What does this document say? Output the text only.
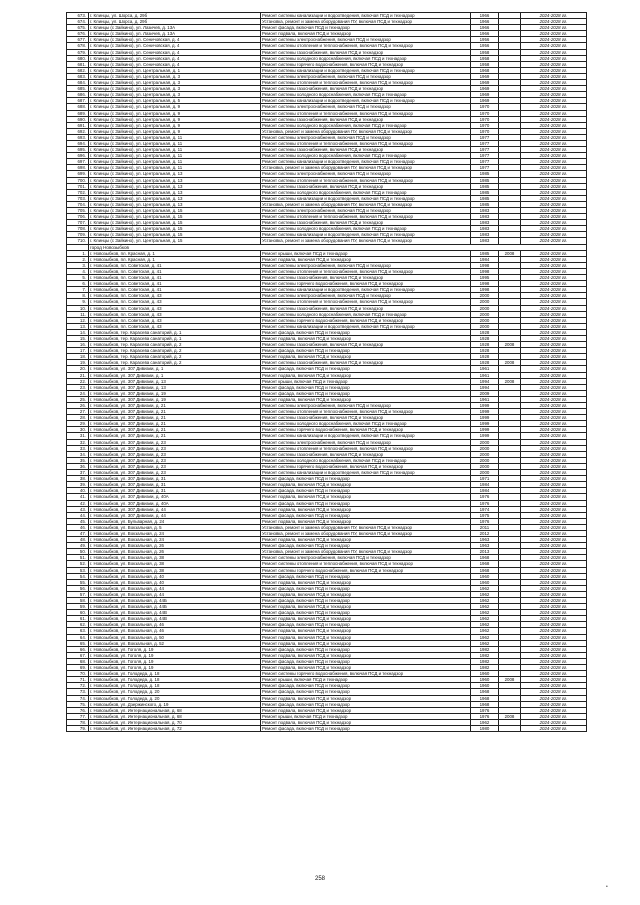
673.	г. Клинцы, ул. Шорса, д. 29б	Ремонт системы канализации и водоотведения, включая ПСД и технадзор	1966		2024-2028 гг.
674.	г. Клинцы, ул. Шорса, д. 29б	Установка, ремонт и замена оборудования ПУ, включая ПСД и технадзор	1966		2024-2028 гг.
675.	г. Клинцы (с Зайкино), ул. Лазичев, д. 13А	Ремонт фасада, включая ПСД и технадзор	1966		2024-2028 гг.
676.	г. Клинцы (с Зайкино), ул. Лазичев, д. 13А	Ремонт подвала, включая ПСД и технадзор	1966		2024-2028 гг.
677.	г. Клинцы (с Зайкино), ул. Сеничовская, д. 4	Ремонт системы электроснабжения, включая ПСД и технадзор	1956		2024-2028 гг.
678.	г. Клинцы (с Зайкино), ул. Сеничовская, д. 4	Ремонт системы отопления и теплоснабжения, включая ПСД и технадзор	1956		2024-2028 гг.
679.	г. Клинцы (с Зайкино), ул. Сеничовская, д. 4	Ремонт системы газоснабжения, включая ПСД и технадзор	1958		2024-2028 гг.
680.	г. Клинцы (с Зайкино), ул. Сеничовская, д. 4	Ремонт системы холодного водоснабжения, включая ПСД и технадзор	1958		2024-2028 гг.
681.	г. Клинцы (с Зайкино), ул. Сеничовская, д. 4	Ремонт системы горячего водоснабжения, включая ПСД и технадзор	1958		2024-2028 гг.
682.	г. Клинцы (с Зайкино), ул. Центральная, д. 1	Ремонт системы канализации и водоотведения, включая ПСД и технадзор	1968		2024-2028 гг.
683.	г. Клинцы (с Зайкино), ул. Центральная, д. 3	Ремонт системы электроснабжения, включая ПСД и технадзор	1969		2024-2028 гг.
684.	г. Клинцы (с Зайкино), ул. Центральная, д. 3	Ремонт системы отопления и теплоснабжения, включая ПСД и технадзор	1969		2024-2028 гг.
685.	г. Клинцы (с Зайкино), ул. Центральная, д. 3	Ремонт системы газоснабжения, включая ПСД и технадзор	1969		2024-2028 гг.
686.	г. Клинцы (с Зайкино), ул. Центральная, д. 3	Ремонт системы холодного водоснабжения, включая ПСД и технадзор	1969		2024-2028 гг.
687.	г. Клинцы (с Зайкино), ул. Центральная, д. 5	Ремонт системы канализации и водоотведения, включая ПСД и технадзор	1969		2024-2028 гг.
688.	г. Клинцы (с Зайкино), ул. Центральная, д. 9	Ремонт системы электроснабжения, включая ПСД и технадзор	1970		2024-2028 гг.
689.	г. Клинцы (с Зайкино), ул. Центральная, д. 9	Ремонт системы отопления и теплоснабжения, включая ПСД и технадзор	1970		2024-2028 гг.
690.	г. Клинцы (с Зайкино), ул. Центральная, д. 9	Ремонт системы газоснабжения, включая ПСД и технадзор	1970		2024-2028 гг.
691.	г. Клинцы (с Зайкино), ул. Центральная, д. 9	Ремонт системы холодного водоснабжения, включая ПСД и технадзор	1970		2024-2028 гг.
692.	г. Клинцы (с Зайкино), ул. Центральная, д. 9	Установка, ремонт и замена оборудования ПУ, включая ПСД и технадзор	1970		2024-2028 гг.
693.	г. Клинцы (с Зайкино), ул. Центральная, д. 11	Ремонт системы электроснабжения, включая ПСД и технадзор	1977		2024-2028 гг.
694.	г. Клинцы (с Зайкино), ул. Центральная, д. 11	Ремонт системы отопления и теплоснабжения, включая ПСД и технадзор	1977		2024-2028 гг.
695.	г. Клинцы (с Зайкино), ул. Центральная, д. 11	Ремонт системы газоснабжения, включая ПСД и технадзор	1977		2024-2028 гг.
696.	г. Клинцы (с Зайкино), ул. Центральная, д. 11	Ремонт системы холодного водоснабжения, включая ПСД и технадзор	1977		2024-2028 гг.
697.	г. Клинцы (с Зайкино), ул. Центральная, д. 11	Ремонт системы канализации и водоотведения, включая ПСД и технадзор	1977		2024-2028 гг.
698.	г. Клинцы (с Зайкино), ул. Центральная, д. 11	Установка, ремонт и замена оборудования ПУ, включая ПСД и технадзор	1977		2024-2028 гг.
699.	г. Клинцы (с Зайкино), ул. Центральная, д. 13	Ремонт системы электроснабжения, включая ПСД и технадзор	1985		2024-2028 гг.
700.	г. Клинцы (с Зайкино), ул. Центральная, д. 13	Ремонт системы отопления и теплоснабжения, включая ПСД и технадзор	1985		2024-2028 гг.
701.	г. Клинцы (с Зайкино), ул. Центральная, д. 13	Ремонт системы газоснабжения, включая ПСД и технадзор	1985		2024-2028 гг.
702.	г. Клинцы (с Зайкино), ул. Центральная, д. 13	Ремонт системы холодного водоснабжения, включая ПСД и технадзор	1985		2024-2028 гг.
703.	г. Клинцы (с Зайкино), ул. Центральная, д. 13	Ремонт системы канализации и водоотведения, включая ПСД и технадзор	1985		2024-2028 гг.
704.	г. Клинцы (с Зайкино), ул. Центральная, д. 13	Установка, ремонт и замена оборудования ПУ, включая ПСД и технадзор	1985		2024-2028 гг.
705.	г. Клинцы (с Зайкино), ул. Центральная, д. 15	Ремонт системы электроснабжения, включая ПСД и технадзор	1983		2024-2028 гг.
706.	г. Клинцы (с Зайкино), ул. Центральная, д. 15	Ремонт системы отопления и теплоснабжения, включая ПСД и технадзор	1983		2024-2028 гг.
707.	г. Клинцы (с Зайкино), ул. Центральная, д. 15	Ремонт системы газоснабжения, включая ПСД и технадзор	1983		2024-2028 гг.
708.	г. Клинцы (с Зайкино), ул. Центральная, д. 15	Ремонт системы холодного водоснабжения, включая ПСД и технадзор	1983		2024-2028 гг.
709.	г. Клинцы (с Зайкино), ул. Центральная, д. 15	Ремонт системы канализации и водоотведения, включая ПСД и технадзор	1983		2024-2028 гг.
710.	г. Клинцы (с Зайкино), ул. Центральная, д. 15	Установка, ремонт и замена оборудования ПУ, включая ПСД и технадзор	1983		2024-2028 гг.
	город Новозыбков				
1.	г. Новозыбков, пл. Красная, д. 1	Ремонт крыши, включая ПСД и технадзор	1985	2008	2024-2028 гг.
2.	г. Новозыбков, пл. Красная, д. 1	Ремонт подвала, включая ПСД и технадзор	1984		2024-2028 гг.
3.	г. Новозыбков, пл. Советская, д. 41	Ремонт системы электроснабжения, включая ПСД и технадзор	1998		2024-2028 гг.
4.	г. Новозыбков, пл. Советская, д. 41	Ремонт системы отопления и теплоснабжения, включая ПСД и технадзор	1998		2024-2028 гг.
5.	г. Новозыбков, пл. Советская, д. 41	Ремонт системы газоснабжения, включая ПСД и технадзор	1995		2024-2028 гг.
6.	г. Новозыбков, пл. Советская, д. 41	Ремонт системы горячего водоснабжения, включая ПСД и технадзор	1998		2024-2028 гг.
7.	г. Новозыбков, пл. Советская, д. 41	Ремонт системы канализации и водоотведения, включая ПСД и технадзор	1998		2024-2028 гг.
8.	г. Новозыбков, пл. Советская, д. 43	Ремонт системы электроснабжения, включая ПСД и технадзор	2000		2024-2028 гг.
9.	г. Новозыбков, пл. Советская, д. 43	Ремонт системы отопления и теплоснабжения, включая ПСД и технадзор	2000		2024-2028 гг.
10.	г. Новозыбков, пл. Советская, д. 43	Ремонт системы газоснабжения, включая ПСД и технадзор	2000		2024-2028 гг.
11.	г. Новозыбков, пл. Советская, д. 43	Ремонт системы холодного водоснабжения, включая ПСД и технадзор	2000		2024-2028 гг.
12.	г. Новозыбков, пл. Советская, д. 43	Ремонт системы горячего водоснабжения, включая ПСД и технадзор	2000		2024-2028 гг.
13.	г. Новозыбков, пл. Советская, д. 43	Ремонт системы канализации и водоотведения, включая ПСД и технадзор	2000		2024-2028 гг.
14.	г. Новозыбков, тер. Карасева санаторий, д. 1	Ремонт фасада, включая ПСД и технадзор	1928		2024-2028 гг.
15.	г. Новозыбков, тер. Карасева санаторий, д. 1	Ремонт подвала, включая ПСД и технадзор	1928		2024-2028 гг.
16.	г. Новозыбков, тер. Карасева санаторий, д. 2	Ремонт системы газоснабжения, включая ПСД и технадзор	1928	2008	2024-2028 гг.
17.	г. Новозыбков, тер. Карасева санаторий, д. 2	Ремонт фасада, включая ПСД и технадзор	1928		2024-2028 гг.
18.	г. Новозыбков, тер. Карасева санаторий, д. 2	Ремонт подвала, включая ПСД и технадзор	1928		2024-2028 гг.
19.	г. Новозыбков, тер. Карасева санаторий, д. 2	Ремонт системы газоснабжения, включая ПСД и технадзор	1928	2008	2024-2028 гг.
20.	г. Новозыбков, ул. 307 Дивизии, д. 1	Ремонт фасада, включая ПСД и технадзор	1961		2024-2028 гг.
21.	г. Новозыбков, ул. 307 Дивизии, д. 1	Ремонт подвала, включая ПСД и технадзор	1961		2024-2028 гг.
22.	г. Новозыбков, ул. 307 Дивизии, д. 13	Ремонт крыши, включая ПСД и технадзор	1994	2008	2024-2028 гг.
23.	г. Новозыбков, ул. 307 Дивизии, д. 13	Ремонт фасада, включая ПСД и технадзор	1994		2024-2028 гг.
24.	г. Новозыбков, ул. 307 Дивизии, д. 19	Ремонт фасада, включая ПСД и технадзор	2009		2024-2028 гг.
25.	г. Новозыбков, ул. 307 Дивизии, д. 19	Ремонт подвала, включая ПСД и технадзор	1961		2024-2028 гг.
26.	г. Новозыбков, ул. 307 Дивизии, д. 21	Ремонт системы электроснабжения, включая ПСД и технадзор	1999		2024-2028 гг.
27.	г. Новозыбков, ул. 307 Дивизии, д. 21	Ремонт системы отопления и теплоснабжения, включая ПСД и технадзор	1999		2024-2028 гг.
28.	г. Новозыбков, ул. 307 Дивизии, д. 21	Ремонт системы газоснабжения, включая ПСД и технадзор	1999		2024-2028 гг.
29.	г. Новозыбков, ул. 307 Дивизии, д. 21	Ремонт системы холодного водоснабжения, включая ПСД и технадзор	1999		2024-2028 гг.
30.	г. Новозыбков, ул. 307 Дивизии, д. 21	Ремонт системы горячего водоснабжения, включая ПСД и технадзор	1999		2024-2028 гг.
31.	г. Новозыбков, ул. 307 Дивизии, д. 21	Ремонт системы канализации и водоотведения, включая ПСД и технадзор	1999		2024-2028 гг.
32.	г. Новозыбков, ул. 307 Дивизии, д. 23	Ремонт системы электроснабжения, включая ПСД и технадзор	2000		2024-2028 гг.
33.	г. Новозыбков, ул. 307 Дивизии, д. 23	Ремонт системы отопления и теплоснабжения, включая ПСД и технадзор	2000		2024-2028 гг.
34.	г. Новозыбков, ул. 307 Дивизии, д. 23	Ремонт системы газоснабжения, включая ПСД и технадзор	2000		2024-2028 гг.
35.	г. Новозыбков, ул. 307 Дивизии, д. 23	Ремонт системы холодного водоснабжения, включая ПСД и технадзор	2000		2024-2028 гг.
36.	г. Новозыбков, ул. 307 Дивизии, д. 23	Ремонт системы горячего водоснабжения, включая ПСД и технадзор	2000		2024-2028 гг.
37.	г. Новозыбков, ул. 307 Дивизии, д. 23	Ремонт системы канализации и водоотведения, включая ПСД и технадзор	2000		2024-2028 гг.
38.	г. Новозыбков, ул. 307 Дивизии, д. 31	Ремонт фасада, включая ПСД и технадзор	1971		2024-2028 гг.
39.	г. Новозыбков, ул. 307 Дивизии, д. 31	Ремонт подвала, включая ПСД и технадзор	1984		2024-2028 гг.
40.	г. Новозыбков, ул. 307 Дивизии, д. 31	Ремонт фасада, включая ПСД и технадзор	1984		2024-2028 гг.
41.	г. Новозыбков, ул. 307 Дивизии, д. 40А	Ремонт подвала, включая ПСД и технадзор	1976		2024-2028 гг.
42.	г. Новозыбков, ул. 307 Дивизии, д. 40А	Ремонт фасада, включая ПСД и технадзор	1976		2024-2028 гг.
43.	г. Новозыбков, ул. 307 Дивизии, д. 44	Ремонт подвала, включая ПСД и технадзор	1974		2024-2028 гг.
44.	г. Новозыбков, ул. 307 Дивизии, д. 44	Ремонт фасада, включая ПСД и технадзор	1975		2024-2028 гг.
45.	г. Новозыбков, ул. Бульварная, д. 24	Ремонт подвала, включая ПСД и технадзор	1976		2024-2028 гг.
46.	г. Новозыбков, ул. Вокзальная, д. 5	Установка, ремонт и замена оборудования ПУ, включая ПСД и технадзор	2011		2024-2028 гг.
47.	г. Новозыбков, ул. Вокзальная, д. 24	Установка, ремонт и замена оборудования ПУ, включая ПСД и технадзор	2012		2024-2028 гг.
48.	г. Новозыбков, ул. Вокзальная, д. 24	Ремонт подвала, включая ПСД и технадзор	1963		2024-2028 гг.
49.	г. Новозыбков, ул. Вокзальная, д. 26	Ремонт фасада, включая ПСД и технадзор	1963		2024-2028 гг.
50.	г. Новозыбков, ул. Вокзальная, д. 26	Установка, ремонт и замена оборудования ПУ, включая ПСД и технадзор	2013		2024-2028 гг.
51.	г. Новозыбков, ул. Вокзальная, д. 38	Ремонт системы электроснабжения, включая ПСД и технадзор	1968		2024-2028 гг.
52.	г. Новозыбков, ул. Вокзальная, д. 38	Ремонт системы отопления и теплоснабжения, включая ПСД и технадзор	1968		2024-2028 гг.
53.	г. Новозыбков, ул. Вокзальная, д. 38	Ремонт системы горячего водоснабжения, включая ПСД и технадзор	1968		2024-2028 гг.
54.	г. Новозыбков, ул. Вокзальная, д. 40	Ремонт фасада, включая ПСД и технадзор	1960		2024-2028 гг.
55.	г. Новозыбков, ул. Вокзальная, д. 40	Ремонт подвала, включая ПСД и технадзор	1960		2024-2028 гг.
56.	г. Новозыбков, ул. Вокзальная, д. 44	Ремонт фасада, включая ПСД и технадзор	1962		2024-2028 гг.
57.	г. Новозыбков, ул. Вокзальная, д. 44	Ремонт подвала, включая ПСД и технадзор	1962		2024-2028 гг.
58.	г. Новозыбков, ул. Вокзальная, д. 44Б	Ремонт фасада, включая ПСД и технадзор	1962		2024-2028 гг.
59.	г. Новозыбков, ул. Вокзальная, д. 44Б	Ремонт подвала, включая ПСД и технадзор	1962		2024-2028 гг.
60.	г. Новозыбков, ул. Вокзальная, д. 44В	Ремонт фасада, включая ПСД и технадзор	1962		2024-2028 гг.
61.	г. Новозыбков, ул. Вокзальная, д. 44В	Ремонт подвала, включая ПСД и технадзор	1962		2024-2028 гг.
62.	г. Новозыбков, ул. Вокзальная, д. 46	Ремонт фасада, включая ПСД и технадзор	1962		2024-2028 гг.
63.	г. Новозыбков, ул. Вокзальная, д. 46	Ремонт подвала, включая ПСД и технадзор	1962		2024-2028 гг.
64.	г. Новозыбков, ул. Вокзальная, д. 50	Ремонт подвала, включая ПСД и технадзор	1962		2024-2028 гг.
65.	г. Новозыбков, ул. Вокзальная, д. 52	Ремонт подвала, включая ПСД и технадзор	1962		2024-2028 гг.
66.	г. Новозыбков, ул. Гоголя, д. 19	Ремонт фасада, включая ПСД и технадзор	1982		2024-2028 гг.
67.	г. Новозыбков, ул. Гоголя, д. 19	Ремонт подвала, включая ПСД и технадзор	1982		2024-2028 гг.
68.	г. Новозыбков, ул. Гоголя, д. 19	Ремонт фасада, включая ПСД и технадзор	1982		2024-2028 гг.
69.	г. Новозыбков, ул. Гоголя, д. 19	Ремонт подвала, включая ПСД и технадзор	1982		2024-2028 гг.
70.	г. Новозыбков, ул. Голодеда, д. 18	Ремонт системы горячего водоснабжения, включая ПСД и технадзор	1960		2024-2028 гг.
71.	г. Новозыбков, ул. Голодеда, д. 18	Ремонт крыши, включая ПСД и технадзор	1960	2008	2024-2028 гг.
72.	г. Новозыбков, ул. Голодеда, д. 18	Ремонт фасада, включая ПСД и технадзор	1960		2024-2028 гг.
73.	г. Новозыбков, ул. Голодеда, д. 20	Ремонт фасада, включая ПСД и технадзор	1968		2024-2028 гг.
74.	г. Новозыбков, ул. Голодеда, д. 20	Ремонт подвала, включая ПСД и технадзор	1968		2024-2028 гг.
75.	г. Новозыбков, ул. Дзержинского, д. 19	Ремонт фасада, включая ПСД и технадзор	1968		2024-2028 гг.
76.	г. Новозыбков, ул. Интернациональная, д. 68	Ремонт подвала, включая ПСД и технадзор	1976		2024-2028 гг.
77.	г. Новозыбков, ул. Интернациональная, д. 68	Ремонт крыши, включая ПСД и технадзор	1976	2008	2024-2028 гг.
78.	г. Новозыбков, ул. Интернациональная, д. 70	Ремонт подвала, включая ПСД и технадзор	1962		2024-2028 гг.
79.	г. Новозыбков, ул. Интернациональная, д. 72	Ремонт фасада, включая ПСД и технадзор	1980		2024-2028 гг.
258
•
